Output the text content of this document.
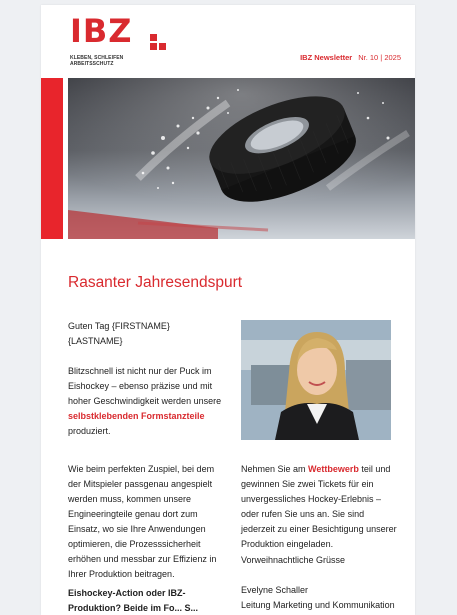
IBZ
KLEBEN, SCHLEIFEN
ARBEITSSCHUTZ
IBZ Newsletter Nr. 10 | 2025
Rasanter Jahresendspurt
Guten Tag {FIRSTNAME} {LASTNAME}
Blitzschnell ist nicht nur der Puck im Eishockey – ebenso präzise und mit hoher Geschwindigkeit werden unsere selbstklebenden Formstanzteile produziert.
Wie beim perfekten Zuspiel, bei dem der Mitspieler passgenau angespielt werden muss, kommen unsere Engineeringteile genau dort zum Einsatz, wo sie Ihre Anwendungen optimieren, die Prozesssicherheit erhöhen und messbar zur Effizienz in Ihrer Produktion beitragen.
Eishockey-Action oder IBZ-
Produktion? Beide im Fo... S...
Nehmen Sie am Wettbewerb teil und gewinnen Sie zwei Tickets für ein unvergessliches Hockey-Erlebnis – oder rufen Sie uns an. Sie sind jederzeit zu einer Besichtigung unserer Produktion eingeladen.
Vorweihnachtliche Grüsse
Evelyne Schaller
Leitung Marketing und Kommunikation
